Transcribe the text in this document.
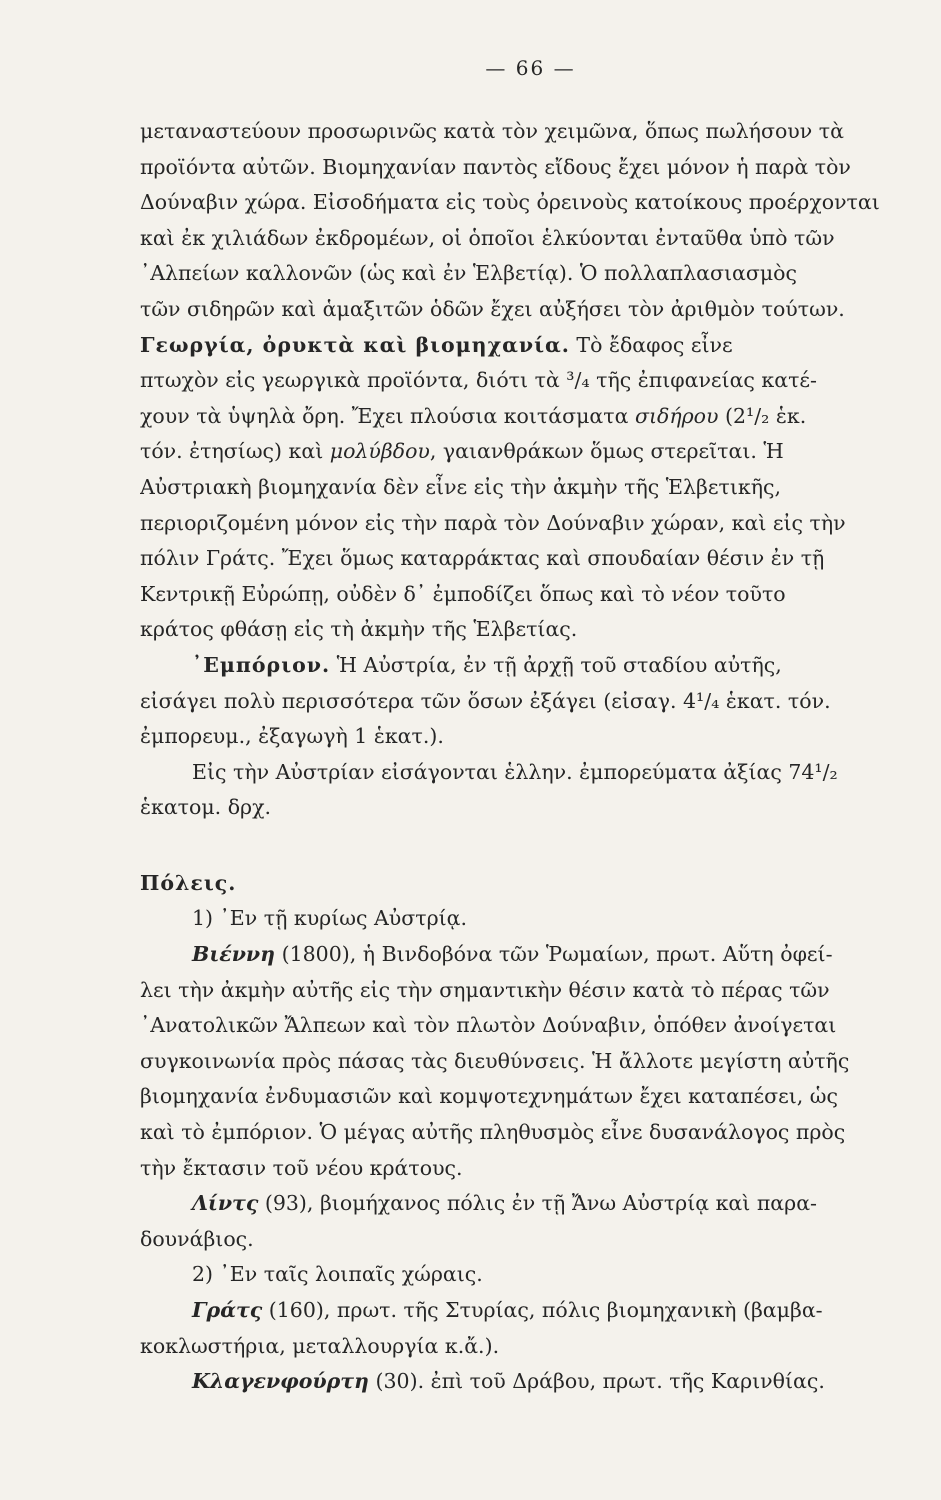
— 66 —
μεταναστεύουν προσωρινῶς κατὰ τὸν χειμῶνα, ὅπως πωλήσουν τὰ
προϊόντα αὐτῶν. Βιομηχανίαν παντὸς εἴδους ἔχει μόνον ἡ παρὰ τὸν
Δούναβιν χώρα. Εἰσοδήματα εἰς τοὺς ὀρεινοὺς κατοίκους προέρχονται
καὶ ἐκ χιλιάδων ἐκδρομέων, οἱ ὁποῖοι ἑλκύονται ἐνταῦθα ὑπὸ τῶν
᾿Αλπείων καλλονῶν (ὡς καὶ ἐν Ἑλβετίᾳ). Ὁ πολλαπλασιασμὸς
τῶν σιδηρῶν καὶ ἁμαξιτῶν ὁδῶν ἔχει αὐξήσει τὸν ἀριθμὸν τούτων.
Γεωργία, ὀρυκτὰ καὶ βιομηχανία. Τὸ ἔδαφος εἶνε
πτωχὸν εἰς γεωργικὰ προϊόντα, διότι τὰ ³/₄ τῆς ἐπιφανείας κατέ-
χουν τὰ ὑψηλὰ ὄρη. Ἔχει πλούσια κοιτάσματα σιδήρου (2¹/₂ ἑκ.
τόν. ἐτησίως) καὶ μολύβδου, γαιανθράκων ὅμως στερεῖται. Ἡ
Αὐστριακὴ βιομηχανία δὲν εἶνε εἰς τὴν ἀκμὴν τῆς Ἑλβετικῆς,
περιοριζομένη μόνον εἰς τὴν παρὰ τὸν Δούναβιν χώραν, καὶ εἰς τὴν
πόλιν Γράτς. Ἔχει ὅμως καταρράκτας καὶ σπουδαίαν θέσιν ἐν τῇ
Κεντρικῇ Εὐρώπῃ, οὐδὲν δ᾽ ἐμποδίζει ὅπως καὶ τὸ νέον τοῦτο
κράτος φθάσῃ εἰς τὴ ἀκμὴν τῆς Ἑλβετίας.
᾿Εμπόριον. Ἡ Αὐστρία, ἐν τῇ ἀρχῇ τοῦ σταδίου αὐτῆς,
εἰσάγει πολὺ περισσότερα τῶν ὅσων ἐξάγει (εἰσαγ. 4¹/₄ ἑκατ. τόν.
ἐμπορευμ., ἐξαγωγὴ 1 ἑκατ.).
Εἰς τὴν Αὐστρίαν εἰσάγονται ἑλλην. ἐμπορεύματα ἀξίας 74¹/₂
ἑκατομ. δρχ.
Πόλεις.
1) ᾿Εν τῇ κυρίως Αὐστρίᾳ.
Βιέννη (1800), ἡ Βινδοβόνα τῶν Ῥωμαίων, πρωτ. Αὕτη ὀφεί-
λει τὴν ἀκμὴν αὐτῆς εἰς τὴν σημαντικὴν θέσιν κατὰ τὸ πέρας τῶν
᾿Ανατολικῶν Ἄλπεων καὶ τὸν πλωτὸν Δούναβιν, ὁπόθεν ἀνοίγεται
συγκοινωνία πρὸς πάσας τὰς διευθύνσεις. Ἡ ἄλλοτε μεγίστη αὐτῆς
βιομηχανία ἐνδυμασιῶν καὶ κομψοτεχνημάτων ἔχει καταπέσει, ὡς
καὶ τὸ ἐμπόριον. Ὁ μέγας αὐτῆς πληθυσμὸς εἶνε δυσανάλογος πρὸς
τὴν ἔκτασιν τοῦ νέου κράτους.
Λίντς (93), βιομήχανος πόλις ἐν τῇ Ἄνω Αὐστρίᾳ καὶ παρα-
δουνάβιος.
2) ᾿Εν ταῖς λοιπαῖς χώραις.
Γράτς (160), πρωτ. τῆς Στυρίας, πόλις βιομηχανικὴ (βαμβα-
κοκλωστήρια, μεταλλουργία κ.ἄ.).
Κλαγενφούρτη (30). ἐπὶ τοῦ Δράβου, πρωτ. τῆς Καρινθίας.
